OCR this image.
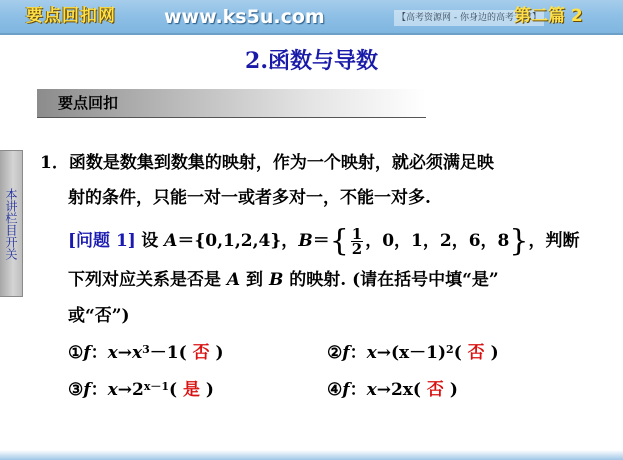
要点回扣网	www.ks5u.com	【高考资源网 - 你身边的高考专家】
第二篇 2
2.函数与导数
要点回扣
本讲栏目开关
1．函数是数集到数集的映射，作为一个映射，就必须满足映
射的条件，只能一对一或者多对一，不能一对多.
[问题 1] 设 A＝{0,1,2,4}，$B=\{ \frac{1}{2}$ ，0，1，2，6，8}，判断
下列对应关系是否是 A 到 B 的映射. (请在括号中填“是”
或“否”)
①f：$x\to x^3-1$( 否 )	②f：$x\to(x-1)^2$( 否 )
③f：$x\to 2^{x-1}$( 是 )	④f：x→2x( 否 )
